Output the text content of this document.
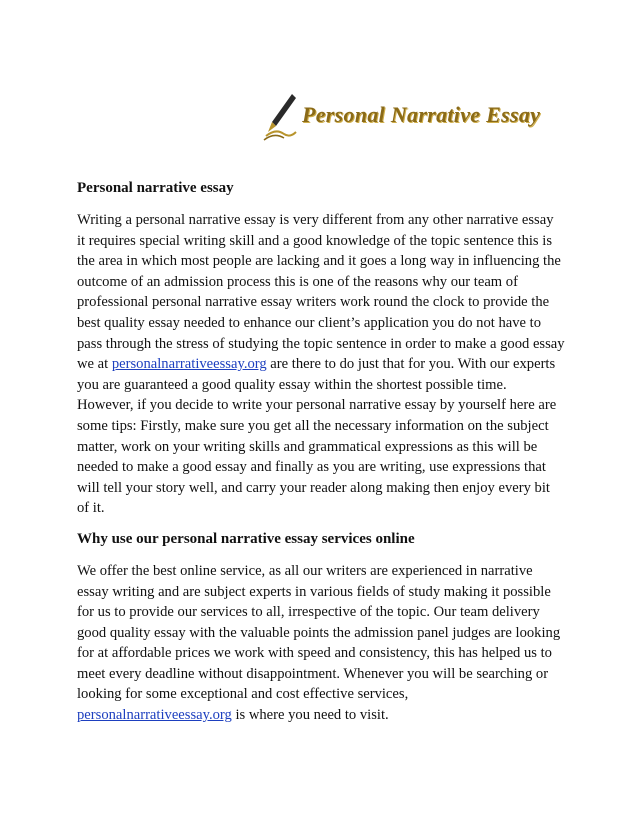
Personal Narrative Essay
Personal narrative essay

Writing a personal narrative essay is very different from any other narrative essay it requires special writing skill and a good knowledge of the topic sentence this is the area in which most people are lacking and it goes a long way in influencing the outcome of an admission process this is one of the reasons why our team of professional personal narrative essay writers work round the clock to provide the best quality essay needed to enhance our client’s application you do not have to pass through the stress of studying the topic sentence in order to make a good essay we at personalnarrativeessay.org are there to do just that for you. With our experts you are guaranteed a good quality essay within the shortest possible time. However, if you decide to write your personal narrative essay by yourself here are some tips: Firstly, make sure you get all the necessary information on the subject matter, work on your writing skills and grammatical expressions as this will be needed to make a good essay and finally as you are writing, use expressions that will tell your story well, and carry your reader along making then enjoy every bit of it.

Why use our personal narrative essay services online

We offer the best online service, as all our writers are experienced in narrative essay writing and are subject experts in various fields of study making it possible for us to provide our services to all, irrespective of the topic. Our team delivery good quality essay with the valuable points the admission panel judges are looking for at affordable prices we work with speed and consistency, this has helped us to meet every deadline without disappointment. Whenever you will be searching or looking for some exceptional and cost effective services, personalnarrativeessay.org is where you need to visit.
